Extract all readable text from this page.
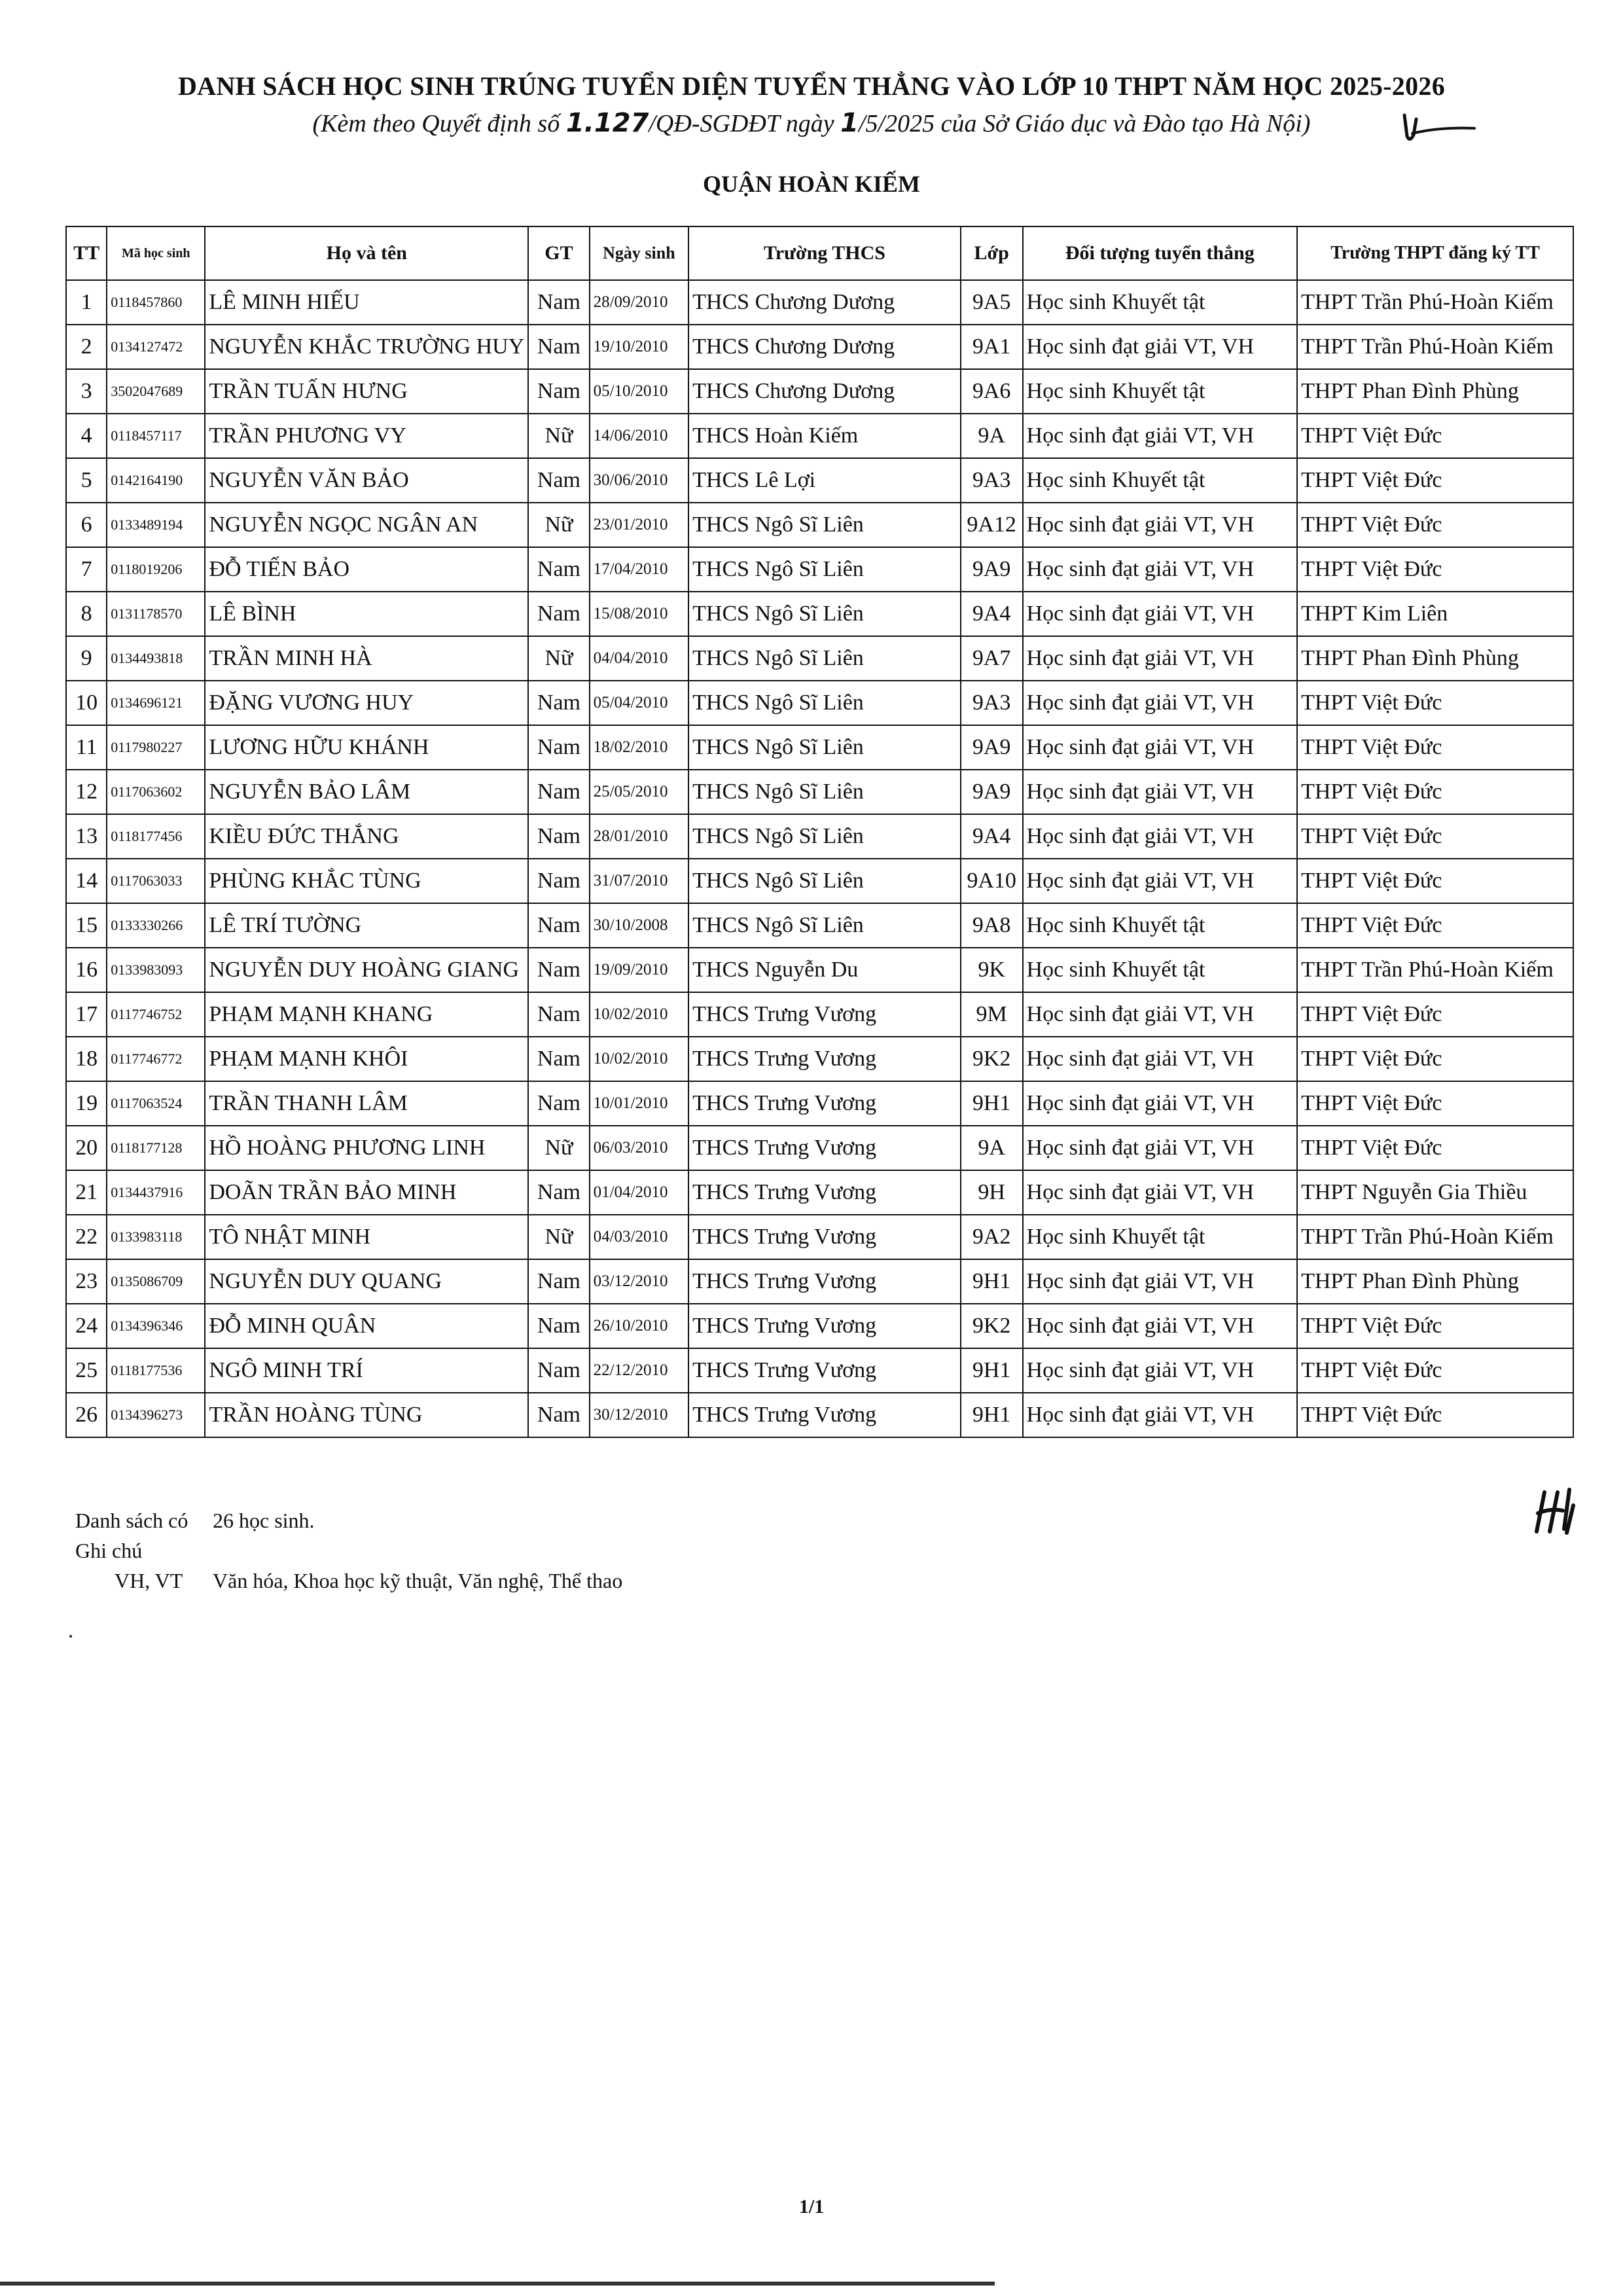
DANH SÁCH HỌC SINH TRÚNG TUYỂN DIỆN TUYỂN THẲNG VÀO LỚP 10 THPT NĂM HỌC 2025-2026
(Kèm theo Quyết định số 1.127/QĐ-SGDĐT ngày 1/5/2025 của Sở Giáo dục và Đào tạo Hà Nội)
QUẬN HOÀN KIẾM
TT	Mã học sinh	Họ và tên	GT	Ngày sinh	Trường THCS	Lớp	Đối tượng tuyển thẳng	Trường THPT đăng ký TT
1	0118457860	LÊ MINH HIẾU	Nam	28/09/2010	THCS Chương Dương	9A5	Học sinh Khuyết tật	THPT Trần Phú-Hoàn Kiếm
2	0134127472	NGUYỄN KHẮC TRƯỜNG HUY	Nam	19/10/2010	THCS Chương Dương	9A1	Học sinh đạt giải VT, VH	THPT Trần Phú-Hoàn Kiếm
3	3502047689	TRẦN TUẤN HƯNG	Nam	05/10/2010	THCS Chương Dương	9A6	Học sinh Khuyết tật	THPT Phan Đình Phùng
4	0118457117	TRẦN PHƯƠNG VY	Nữ	14/06/2010	THCS Hoàn Kiếm	9A	Học sinh đạt giải VT, VH	THPT Việt Đức
5	0142164190	NGUYỄN VĂN BẢO	Nam	30/06/2010	THCS Lê Lợi	9A3	Học sinh Khuyết tật	THPT Việt Đức
6	0133489194	NGUYỄN NGỌC NGÂN AN	Nữ	23/01/2010	THCS Ngô Sĩ Liên	9A12	Học sinh đạt giải VT, VH	THPT Việt Đức
7	0118019206	ĐỖ TIẾN BẢO	Nam	17/04/2010	THCS Ngô Sĩ Liên	9A9	Học sinh đạt giải VT, VH	THPT Việt Đức
8	0131178570	LÊ BÌNH	Nam	15/08/2010	THCS Ngô Sĩ Liên	9A4	Học sinh đạt giải VT, VH	THPT Kim Liên
9	0134493818	TRẦN MINH HÀ	Nữ	04/04/2010	THCS Ngô Sĩ Liên	9A7	Học sinh đạt giải VT, VH	THPT Phan Đình Phùng
10	0134696121	ĐẶNG VƯƠNG HUY	Nam	05/04/2010	THCS Ngô Sĩ Liên	9A3	Học sinh đạt giải VT, VH	THPT Việt Đức
11	0117980227	LƯƠNG HỮU KHÁNH	Nam	18/02/2010	THCS Ngô Sĩ Liên	9A9	Học sinh đạt giải VT, VH	THPT Việt Đức
12	0117063602	NGUYỄN BẢO LÂM	Nam	25/05/2010	THCS Ngô Sĩ Liên	9A9	Học sinh đạt giải VT, VH	THPT Việt Đức
13	0118177456	KIỀU ĐỨC THẮNG	Nam	28/01/2010	THCS Ngô Sĩ Liên	9A4	Học sinh đạt giải VT, VH	THPT Việt Đức
14	0117063033	PHÙNG KHẮC TÙNG	Nam	31/07/2010	THCS Ngô Sĩ Liên	9A10	Học sinh đạt giải VT, VH	THPT Việt Đức
15	0133330266	LÊ TRÍ TƯỜNG	Nam	30/10/2008	THCS Ngô Sĩ Liên	9A8	Học sinh Khuyết tật	THPT Việt Đức
16	0133983093	NGUYỄN DUY HOÀNG GIANG	Nam	19/09/2010	THCS Nguyễn Du	9K	Học sinh Khuyết tật	THPT Trần Phú-Hoàn Kiếm
17	0117746752	PHẠM MẠNH KHANG	Nam	10/02/2010	THCS Trưng Vương	9M	Học sinh đạt giải VT, VH	THPT Việt Đức
18	0117746772	PHẠM MẠNH KHÔI	Nam	10/02/2010	THCS Trưng Vương	9K2	Học sinh đạt giải VT, VH	THPT Việt Đức
19	0117063524	TRẦN THANH LÂM	Nam	10/01/2010	THCS Trưng Vương	9H1	Học sinh đạt giải VT, VH	THPT Việt Đức
20	0118177128	HỒ HOÀNG PHƯƠNG LINH	Nữ	06/03/2010	THCS Trưng Vương	9A	Học sinh đạt giải VT, VH	THPT Việt Đức
21	0134437916	DOÃN TRẦN BẢO MINH	Nam	01/04/2010	THCS Trưng Vương	9H	Học sinh đạt giải VT, VH	THPT Nguyễn Gia Thiều
22	0133983118	TÔ NHẬT MINH	Nữ	04/03/2010	THCS Trưng Vương	9A2	Học sinh Khuyết tật	THPT Trần Phú-Hoàn Kiếm
23	0135086709	NGUYỄN DUY QUANG	Nam	03/12/2010	THCS Trưng Vương	9H1	Học sinh đạt giải VT, VH	THPT Phan Đình Phùng
24	0134396346	ĐỖ MINH QUÂN	Nam	26/10/2010	THCS Trưng Vương	9K2	Học sinh đạt giải VT, VH	THPT Việt Đức
25	0118177536	NGÔ MINH TRÍ	Nam	22/12/2010	THCS Trưng Vương	9H1	Học sinh đạt giải VT, VH	THPT Việt Đức
26	0134396273	TRẦN HOÀNG TÙNG	Nam	30/12/2010	THCS Trưng Vương	9H1	Học sinh đạt giải VT, VH	THPT Việt Đức
Danh sách có	26 học sinh.
Ghi chú
VH, VT	Văn hóa, Khoa học kỹ thuật, Văn nghệ, Thể thao
1/1
